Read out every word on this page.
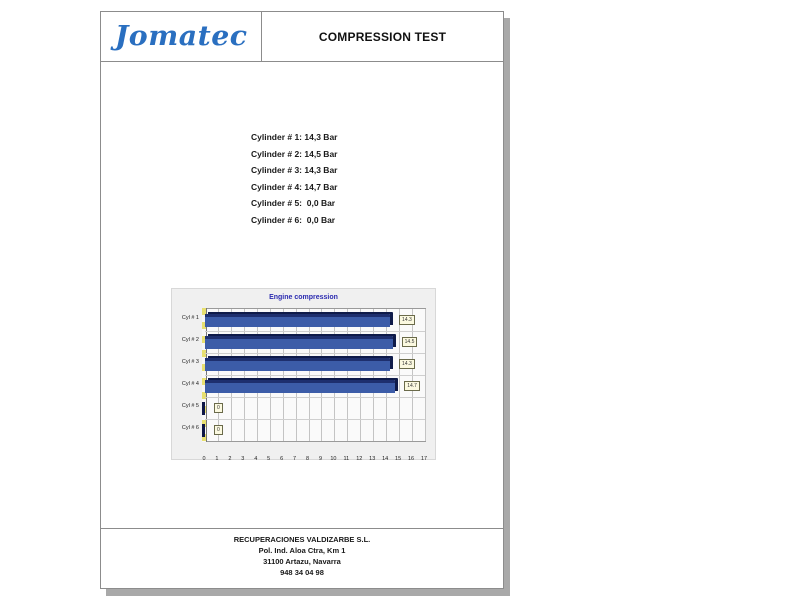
Jomatec	COMPRESSION TEST
Cylinder # 1: 14,3 Bar
Cylinder # 2: 14,5 Bar
Cylinder # 3: 14,3 Bar
Cylinder # 4: 14,7 Bar
Cylinder # 5:  0,0 Bar
Cylinder # 6:  0,0 Bar
Engine compression
14.3
14.5
14.3
14.7
0
0
Cyl # 1
Cyl # 2
Cyl # 3
Cyl # 4
Cyl # 5
Cyl # 6
0 1 2 3 4 5 6 7 8 9 10 11 12 13 14 15 16 17
RECUPERACIONES VALDIZARBE S.L.
Pol. Ind. Aloa Ctra, Km 1
31100 Artazu, Navarra
948 34 04 98
